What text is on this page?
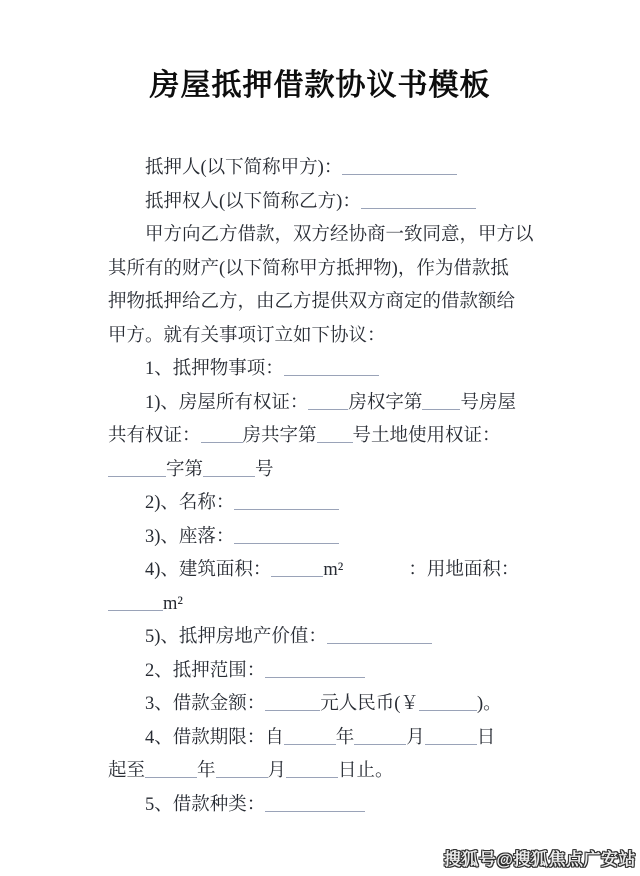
房屋抵押借款协议书模板

抵押人(以下简称甲方)：

抵押权人(以下简称乙方)：

甲方向乙方借款，双方经协商一致同意，甲方以
其所有的财产(以下简称甲方抵押物)，作为借款抵
押物抵押给乙方，由乙方提供双方商定的借款额给
甲方。就有关事项订立如下协议：

1、抵押物事项：

1)、房屋所有权证： 房权字第 号房屋
共有权证： 房共字第 号土地使用权证：
字第	号

2)、名称：

3)、座落：

4)、建筑面积：	m²	：用地面积：
m²

5)、抵押房地产价值：

2、抵押范围：

3、借款金额：	元人民币(￥	)。

4、借款期限：自	年	月	日
起至	年	月	日止。

5、借款种类：

搜狐号@搜狐焦点广安站
